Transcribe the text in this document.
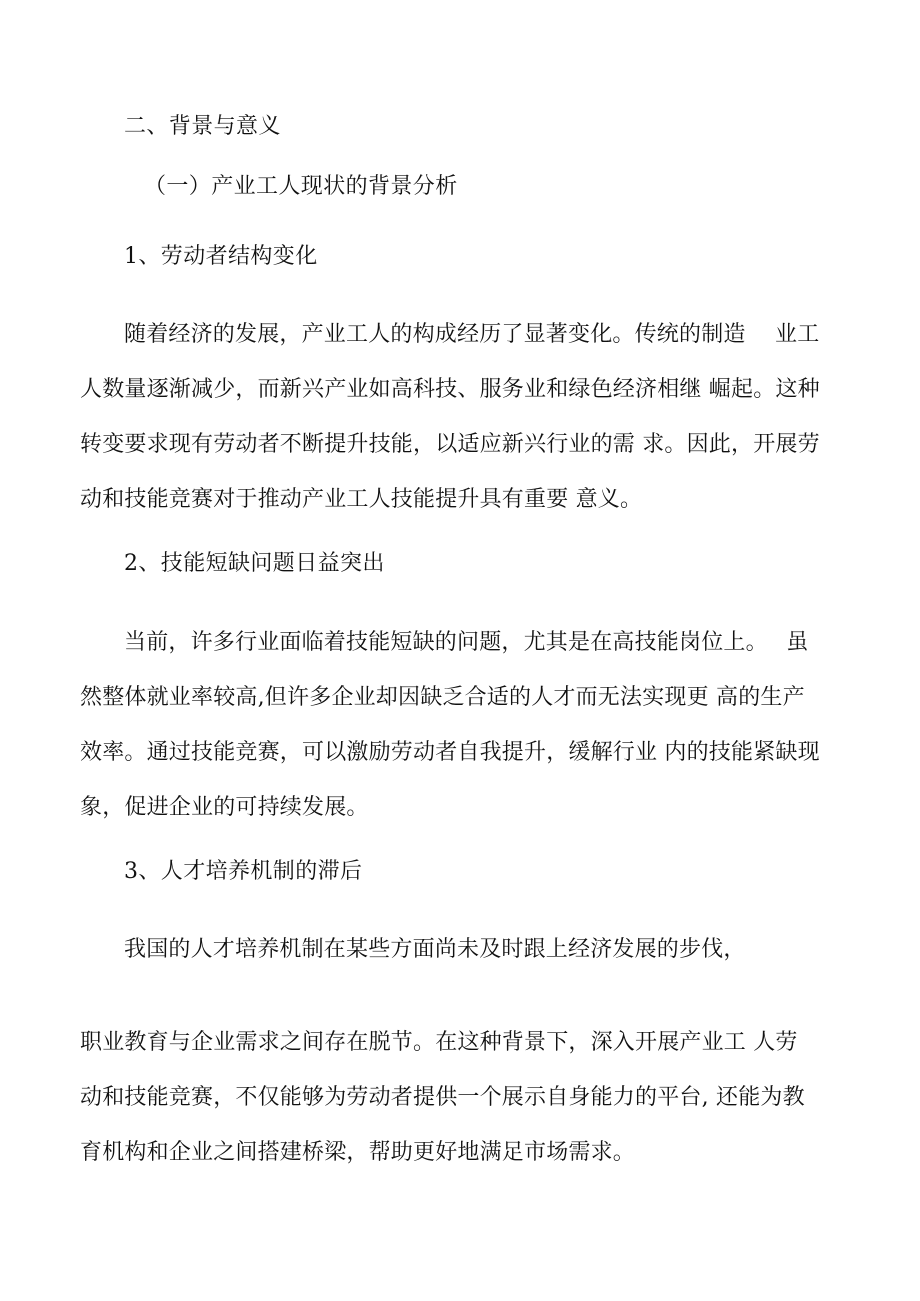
二、背景与意义
（一）产业工人现状的背景分析
1、劳动者结构变化
随着经济的发展，产业工人的构成经历了显著变化。传统的制造　 业工
人数量逐渐减少，而新兴产业如高科技、服务业和绿色经济相继 崛起。这种
转变要求现有劳动者不断提升技能，以适应新兴行业的需 求。因此，开展劳
动和技能竞赛对于推动产业工人技能提升具有重要 意义。
2、技能短缺问题日益突出
当前，许多行业面临着技能短缺的问题，尤其是在高技能岗位上。　 虽
然整体就业率较高,但许多企业却因缺乏合适的人才而无法实现更 高的生产
效率。通过技能竞赛，可以激励劳动者自我提升，缓解行业 内的技能紧缺现
象，促进企业的可持续发展。
3、人才培养机制的滞后
我国的人才培养机制在某些方面尚未及时跟上经济发展的步伐，
职业教育与企业需求之间存在脱节。在这种背景下，深入开展产业工 人劳
动和技能竞赛，不仅能够为劳动者提供一个展示自身能力的平台, 还能为教
育机构和企业之间搭建桥梁，帮助更好地满足市场需求。
